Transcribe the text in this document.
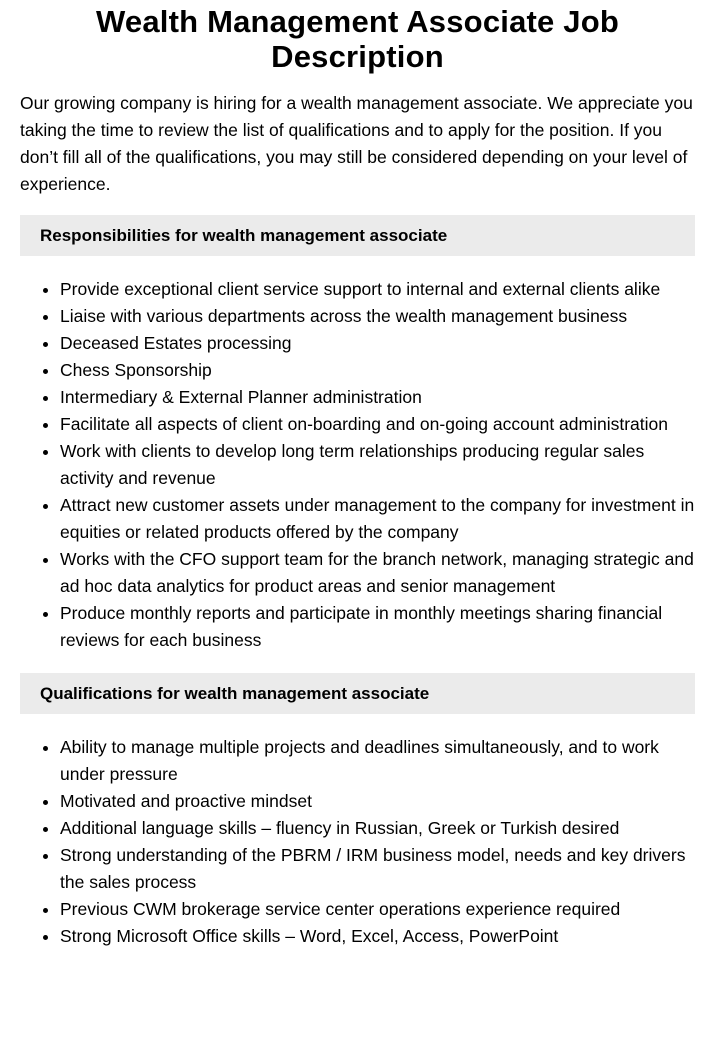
Wealth Management Associate Job Description

Our growing company is hiring for a wealth management associate. We appreciate you taking the time to review the list of qualifications and to apply for the position. If you don’t fill all of the qualifications, you may still be considered depending on your level of experience.

Responsibilities for wealth management associate
• Provide exceptional client service support to internal and external clients alike
• Liaise with various departments across the wealth management business
• Deceased Estates processing
• Chess Sponsorship
• Intermediary & External Planner administration
• Facilitate all aspects of client on-boarding and on-going account administration
• Work with clients to develop long term relationships producing regular sales activity and revenue
• Attract new customer assets under management to the company for investment in equities or related products offered by the company
• Works with the CFO support team for the branch network, managing strategic and ad hoc data analytics for product areas and senior management
• Produce monthly reports and participate in monthly meetings sharing financial reviews for each business
Qualifications for wealth management associate
• Ability to manage multiple projects and deadlines simultaneously, and to work under pressure
• Motivated and proactive mindset
• Additional language skills – fluency in Russian, Greek or Turkish desired
• Strong understanding of the PBRM / IRM business model, needs and key drivers the sales process
• Previous CWM brokerage service center operations experience required
• Strong Microsoft Office skills – Word, Excel, Access, PowerPoint
